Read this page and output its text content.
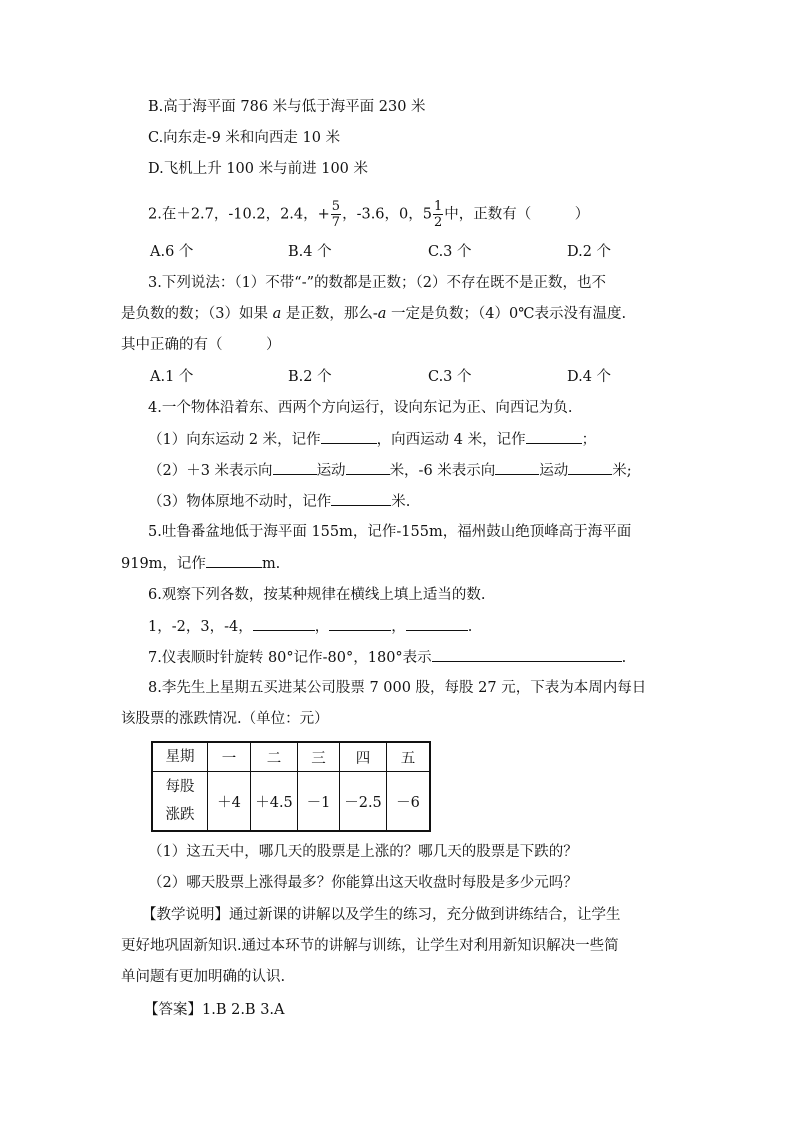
B.高于海平面 786 米与低于海平面 230 米
C.向东走-9 米和向西走 10 米
D.飞机上升 100 米与前进 100 米
2.在＋2.7，-10.2，2.4，+ $\frac{5}{7}$ ，-3.6，0，$5 \frac{1}{2}$ 中，正数有（　　　）
A.6 个	B.4 个	C.3 个	D.2 个
3.下列说法：（1）不带“-”的数都是正数；（2）不存在既不是正数，也不
是负数的数；（3）如果 a 是正数，那么-a 一定是负数；（4）0℃表示没有温度.
其中正确的有（　　　）
A.1 个	B.2 个	C.3 个	D.4 个
4.一个物体沿着东、西两个方向运行，设向东记为正、向西记为负.
（1）向东运动 2 米，记作	，向西运动 4 米，记作	；
（2）＋3 米表示向	运动	米，-6 米表示向	运动	米;
（3）物体原地不动时，记作	米.
5.吐鲁番盆地低于海平面 155m，记作-155m，福州鼓山绝顶峰高于海平面
919m，记作	m.
6.观察下列各数，按某种规律在横线上填上适当的数.
1，-2，3，-4，	，	，	.
7.仪表顺时针旋转 80°记作-80°，180°表示	.
8.李先生上星期五买进某公司股票 7 000 股，每股 27 元，下表为本周内每日
该股票的涨跌情况.（单位：元）
星期	一	二	三	四	五
每股
涨跌	＋4	＋4.5	－1	－2.5	－6
（1）这五天中，哪几天的股票是上涨的？哪几天的股票是下跌的？
（2）哪天股票上涨得最多？你能算出这天收盘时每股是多少元吗？
【教学说明】通过新课的讲解以及学生的练习，充分做到讲练结合，让学生
更好地巩固新知识.通过本环节的讲解与训练，让学生对利用新知识解决一些简
单问题有更加明确的认识.
【答案】1.B 2.B 3.A
